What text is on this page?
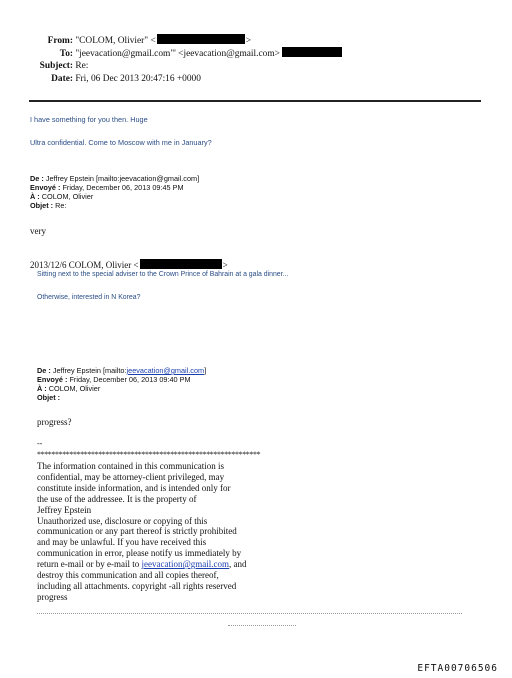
From: "COLOM, Olivier" <	>
To: "jeevacation@gmail.com"' <jeevacation@gmail.com>
Subject: Re:
Date: Fri, 06 Dec 2013 20:47:16 +0000
I have something for you then. Huge
Ultra confidential. Come to Moscow with me in January?
De : Jeffrey Epstein [mailto:jeevacation@gmail.com]
Envoyé : Friday, December 06, 2013 09:45 PM
À : COLOM, Olivier
Objet : Re:
very
2013/12/6 COLOM, Olivier <	>
Sitting next to the special adviser to the Crown Prince of Bahrain at a gala dinner...
Otherwise, interested in N Korea?
De : Jeffrey Epstein [mailto:jeevacation@gmail.com]
Envoyé : Friday, December 06, 2013 09:40 PM
À : COLOM, Olivier
Objet :
progress?
--
**************************************************************
The information contained in this communication is
confidential, may be attorney-client privileged, may
constitute inside information, and is intended only for
the use of the addressee. It is the property of
Jeffrey Epstein
Unauthorized use, disclosure or copying of this
communication or any part thereof is strictly prohibited
and may be unlawful. If you have received this
communication in error, please notify us immediately by
return e-mail or by e-mail to jeevacation@gmail.com, and
destroy this communication and all copies thereof,
including all attachments. copyright -all rights reserved
progress
EFTA00706506
